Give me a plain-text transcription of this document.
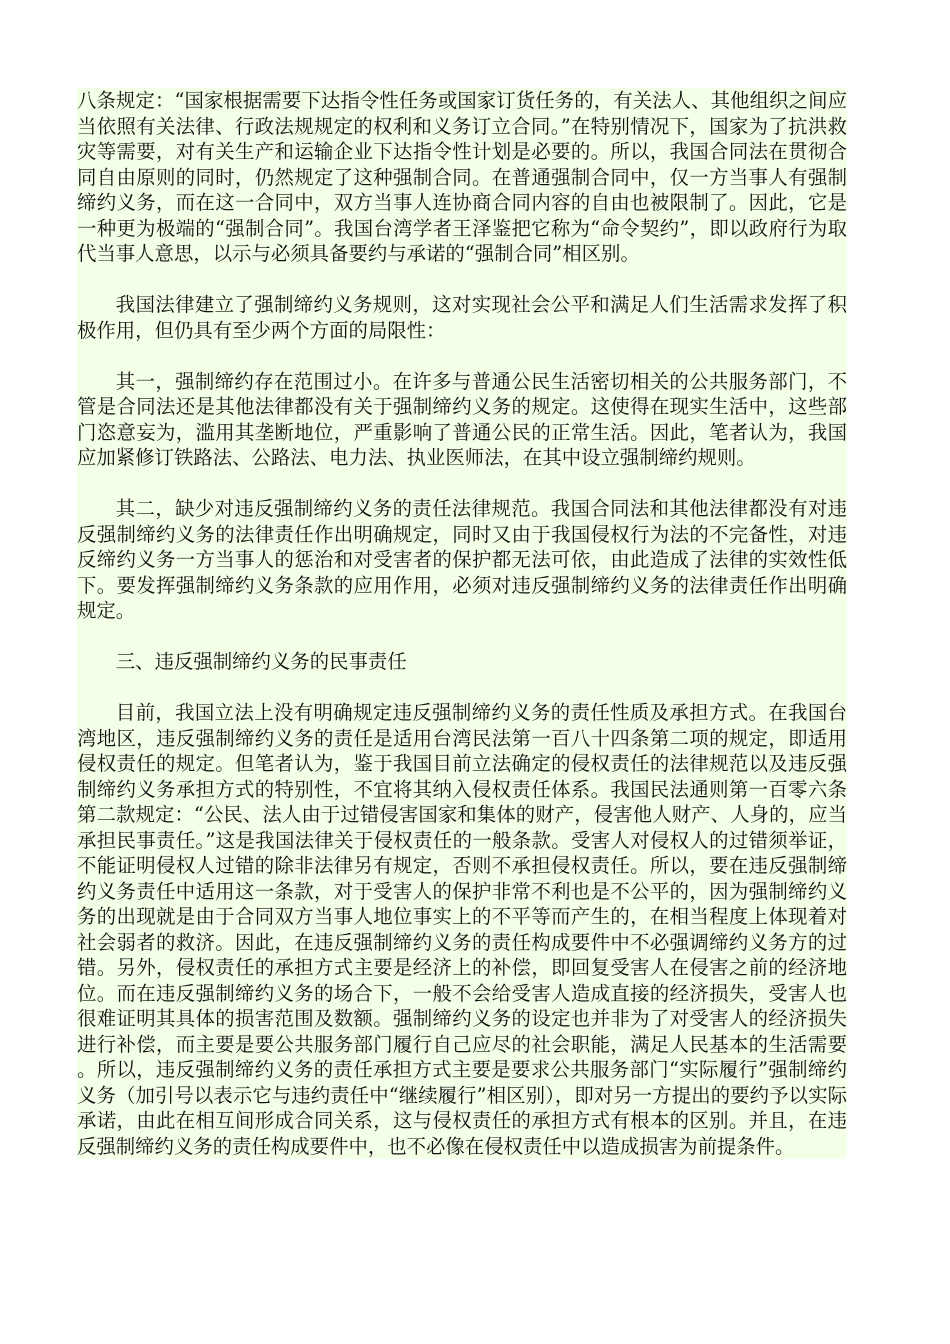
八条规定：“国家根据需要下达指令性任务或国家订货任务的，有关法人、其他组织之间应当依照有关法律、行政法规规定的权利和义务订立合同。”在特别情况下，国家为了抗洪救灾等需要，对有关生产和运输企业下达指令性计划是必要的。所以，我国合同法在贯彻合同自由原则的同时，仍然规定了这种强制合同。在普通强制合同中，仅一方当事人有强制缔约义务，而在这一合同中，双方当事人连协商合同内容的自由也被限制了。因此，它是一种更为极端的“强制合同”。我国台湾学者王泽鉴把它称为“命令契约”，即以政府行为取代当事人意思，以示与必须具备要约与承诺的“强制合同”相区别。

我国法律建立了强制缔约义务规则，这对实现社会公平和满足人们生活需求发挥了积极作用，但仍具有至少两个方面的局限性：

其一，强制缔约存在范围过小。在许多与普通公民生活密切相关的公共服务部门，不管是合同法还是其他法律都没有关于强制缔约义务的规定。这使得在现实生活中，这些部门恣意妄为，滥用其垄断地位，严重影响了普通公民的正常生活。因此，笔者认为，我国应加紧修订铁路法、公路法、电力法、执业医师法，在其中设立强制缔约规则。

其二，缺少对违反强制缔约义务的责任法律规范。我国合同法和其他法律都没有对违反强制缔约义务的法律责任作出明确规定，同时又由于我国侵权行为法的不完备性，对违反缔约义务一方当事人的惩治和对受害者的保护都无法可依，由此造成了法律的实效性低下。要发挥强制缔约义务条款的应用作用，必须对违反强制缔约义务的法律责任作出明确规定。

三、违反强制缔约义务的民事责任

目前，我国立法上没有明确规定违反强制缔约义务的责任性质及承担方式。在我国台湾地区，违反强制缔约义务的责任是适用台湾民法第一百八十四条第二项的规定，即适用侵权责任的规定。但笔者认为，鉴于我国目前立法确定的侵权责任的法律规范以及违反强制缔约义务承担方式的特别性，不宜将其纳入侵权责任体系。我国民法通则第一百零六条第二款规定：“公民、法人由于过错侵害国家和集体的财产，侵害他人财产、人身的，应当承担民事责任。”这是我国法律关于侵权责任的一般条款。受害人对侵权人的过错须举证，不能证明侵权人过错的除非法律另有规定，否则不承担侵权责任。所以，要在违反强制缔约义务责任中适用这一条款，对于受害人的保护非常不利也是不公平的，因为强制缔约义务的出现就是由于合同双方当事人地位事实上的不平等而产生的，在相当程度上体现着对社会弱者的救济。因此，在违反强制缔约义务的责任构成要件中不必强调缔约义务方的过错。另外，侵权责任的承担方式主要是经济上的补偿，即回复受害人在侵害之前的经济地位。而在违反强制缔约义务的场合下，一般不会给受害人造成直接的经济损失，受害人也很难证明其具体的损害范围及数额。强制缔约义务的设定也并非为了对受害人的经济损失进行补偿，而主要是要公共服务部门履行自己应尽的社会职能，满足人民基本的生活需要。所以，违反强制缔约义务的责任承担方式主要是要求公共服务部门“实际履行”强制缔约义务（加引号以表示它与违约责任中“继续履行”相区别），即对另一方提出的要约予以实际承诺，由此在相互间形成合同关系，这与侵权责任的承担方式有根本的区别。并且，在违反强制缔约义务的责任构成要件中，也不必像在侵权责任中以造成损害为前提条件。
